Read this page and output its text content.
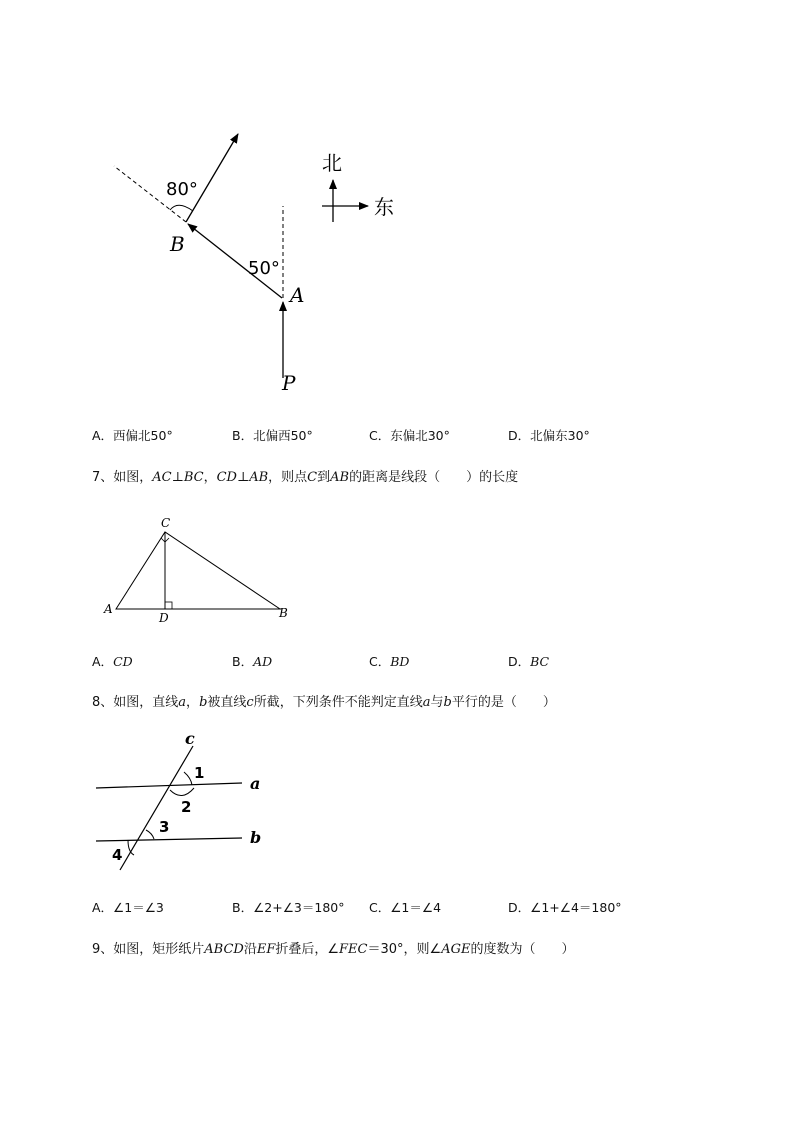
80°
50°
B
A
P
北
东
A．西偏北50°	B．北偏西50°	C．东偏北30°	D．北偏东30°
7、如图，AC⊥BC，CD⊥AB，则点C到AB的距离是线段（　　）的长度
C
A	B
D
A．CD	B．AD	C．BD	D．BC
8、如图，直线a，b被直线c所截，下列条件不能判定直线a与b平行的是（　　）
c
a
b
1
2
3
4
A．∠1＝∠3	B．∠2+∠3＝180° C．∠1＝∠4	D．∠1+∠4＝180°
9、如图，矩形纸片ABCD沿EF折叠后，∠FEC＝30°，则∠AGE的度数为（　　）
